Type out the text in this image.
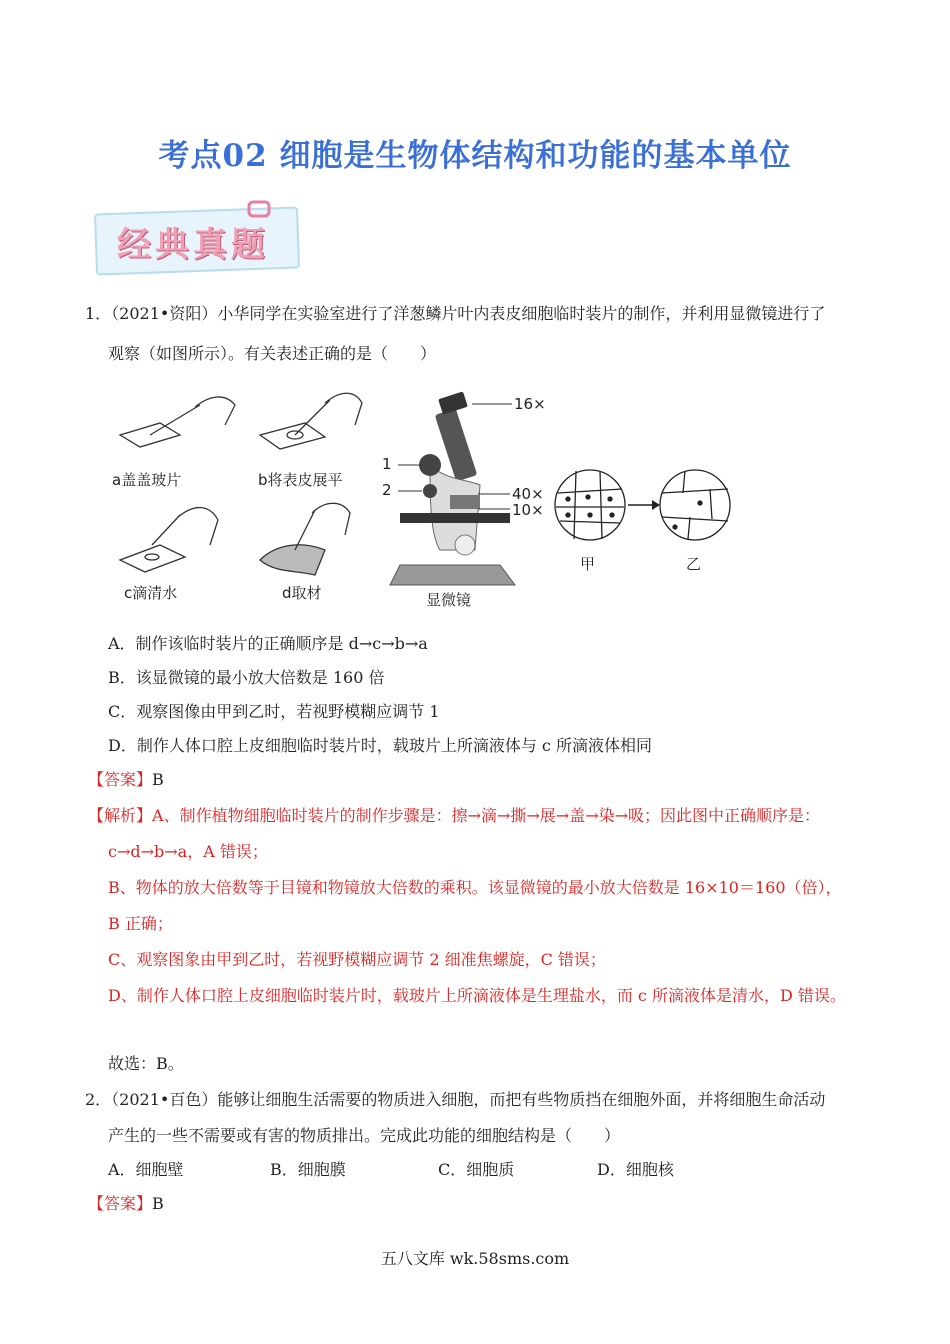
考点02 细胞是生物体结构和功能的基本单位
经典真题
1．（2021•资阳）小华同学在实验室进行了洋葱鳞片叶内表皮细胞临时装片的制作，并利用显微镜进行了
观察（如图所示）。有关表述正确的是（　　）
a盖盖玻片	b将表皮展平
c滴清水	d取材
1
2
16×
40×
10×
显微镜
甲	乙
A．制作该临时装片的正确顺序是 d→c→b→a
B．该显微镜的最小放大倍数是 160 倍
C．观察图像由甲到乙时，若视野模糊应调节 1
D．制作人体口腔上皮细胞临时装片时，载玻片上所滴液体与 c 所滴液体相同
【答案】B
【解析】A、制作植物细胞临时装片的制作步骤是：擦→滴→撕→展→盖→染→吸；因此图中正确顺序是：
c→d→b→a，A 错误；
B、物体的放大倍数等于目镜和物镜放大倍数的乘积。该显微镜的最小放大倍数是 16×10＝160（倍），
B 正确；
C、观察图象由甲到乙时，若视野模糊应调节 2 细准焦螺旋，C 错误；
D、制作人体口腔上皮细胞临时装片时，载玻片上所滴液体是生理盐水，而 c 所滴液体是清水，D 错误。
故选：B。
2．（2021•百色）能够让细胞生活需要的物质进入细胞，而把有些物质挡在细胞外面，并将细胞生命活动
产生的一些不需要或有害的物质排出。完成此功能的细胞结构是（　　）
A．细胞壁	B．细胞膜	C．细胞质	D．细胞核
【答案】B
五八文库 wk.58sms.com
